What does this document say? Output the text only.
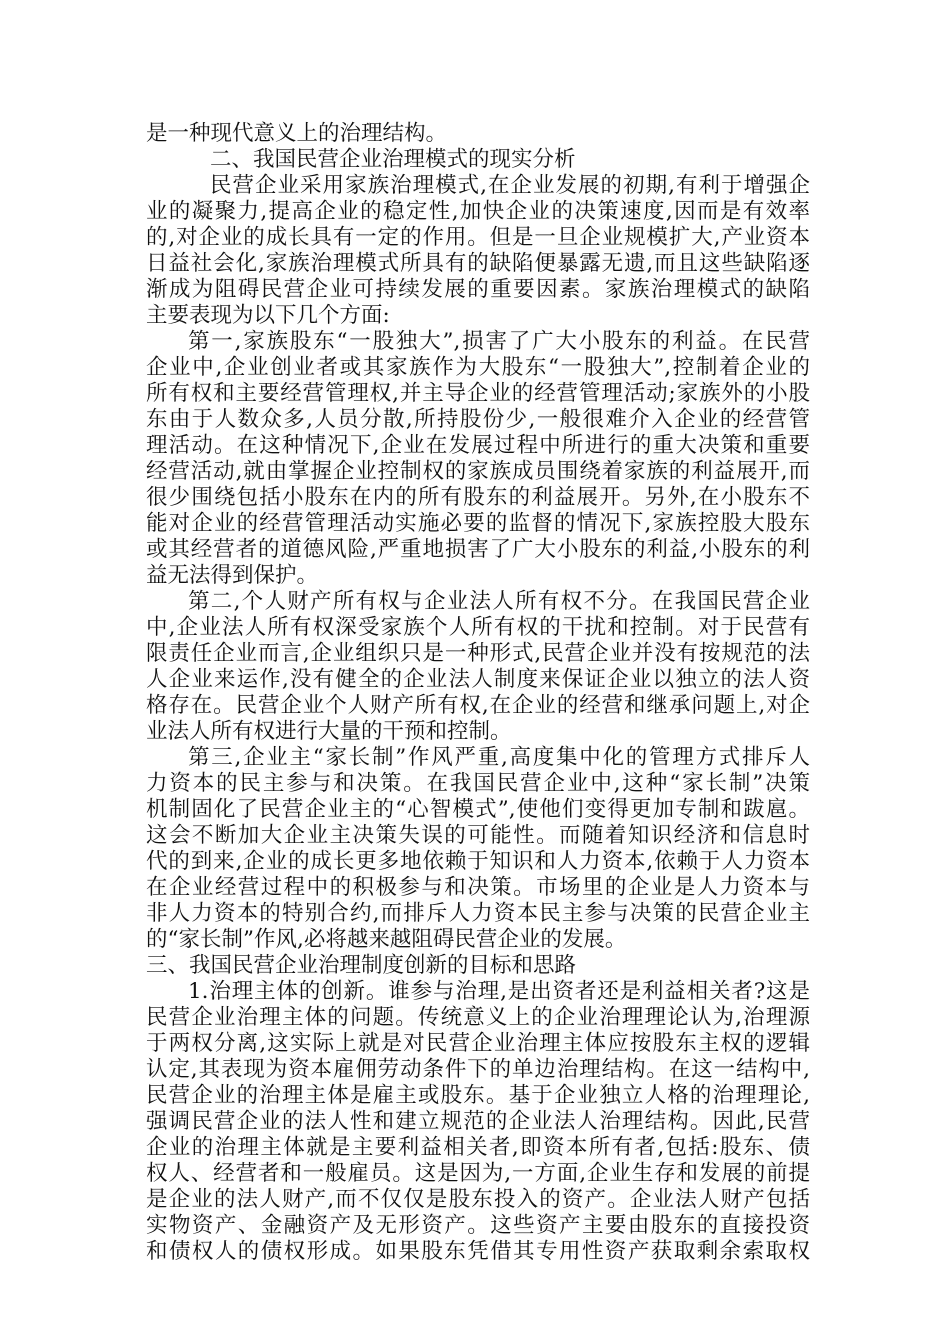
是一种现代意义上的治理结构。
二、我国民营企业治理模式的现实分析
民营企业采用家族治理模式,在企业发展的初期,有利于增强企
业的凝聚力,提高企业的稳定性,加快企业的决策速度,因而是有效率
的,对企业的成长具有一定的作用。但是一旦企业规模扩大,产业资本
日益社会化,家族治理模式所具有的缺陷便暴露无遗,而且这些缺陷逐
渐成为阻碍民营企业可持续发展的重要因素。家族治理模式的缺陷
主要表现为以下几个方面:
第一,家族股东“一股独大”,损害了广大小股东的利益。在民营
企业中,企业创业者或其家族作为大股东“一股独大”,控制着企业的
所有权和主要经营管理权,并主导企业的经营管理活动;家族外的小股
东由于人数众多,人员分散,所持股份少,一般很难介入企业的经营管
理活动。在这种情况下,企业在发展过程中所进行的重大决策和重要
经营活动,就由掌握企业控制权的家族成员围绕着家族的利益展开,而
很少围绕包括小股东在内的所有股东的利益展开。另外,在小股东不
能对企业的经营管理活动实施必要的监督的情况下,家族控股大股东
或其经营者的道德风险,严重地损害了广大小股东的利益,小股东的利
益无法得到保护。
第二,个人财产所有权与企业法人所有权不分。在我国民营企业
中,企业法人所有权深受家族个人所有权的干扰和控制。对于民营有
限责任企业而言,企业组织只是一种形式,民营企业并没有按规范的法
人企业来运作,没有健全的企业法人制度来保证企业以独立的法人资
格存在。民营企业个人财产所有权,在企业的经营和继承问题上,对企
业法人所有权进行大量的干预和控制。
第三,企业主“家长制”作风严重,高度集中化的管理方式排斥人
力资本的民主参与和决策。在我国民营企业中,这种“家长制”决策
机制固化了民营企业主的“心智模式”,使他们变得更加专制和跋扈。
这会不断加大企业主决策失误的可能性。而随着知识经济和信息时
代的到来,企业的成长更多地依赖于知识和人力资本,依赖于人力资本
在企业经营过程中的积极参与和决策。市场里的企业是人力资本与
非人力资本的特别合约,而排斥人力资本民主参与决策的民营企业主
的“家长制”作风,必将越来越阻碍民营企业的发展。
三、我国民营企业治理制度创新的目标和思路
1.治理主体的创新。谁参与治理,是出资者还是利益相关者?这是
民营企业治理主体的问题。传统意义上的企业治理理论认为,治理源
于两权分离,这实际上就是对民营企业治理主体应按股东主权的逻辑
认定,其表现为资本雇佣劳动条件下的单边治理结构。在这一结构中,
民营企业的治理主体是雇主或股东。基于企业独立人格的治理理论,
强调民营企业的法人性和建立规范的企业法人治理结构。因此,民营
企业的治理主体就是主要利益相关者,即资本所有者,包括:股东、债
权人、经营者和一般雇员。这是因为,一方面,企业生存和发展的前提
是企业的法人财产,而不仅仅是股东投入的资产。企业法人财产包括
实物资产、金融资产及无形资产。这些资产主要由股东的直接投资
和债权人的债权形成。如果股东凭借其专用性资产获取剩余索取权
